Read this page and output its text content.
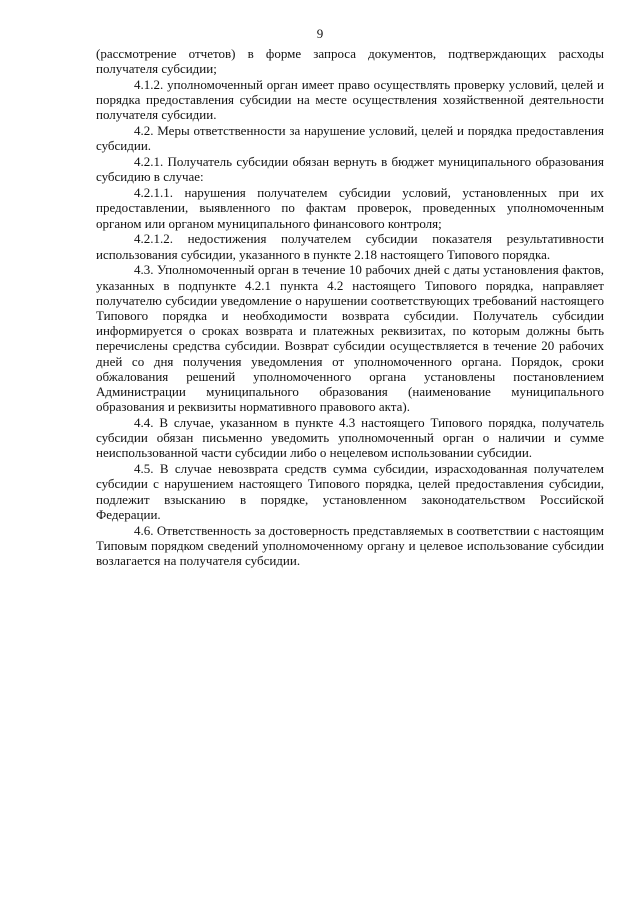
9

(рассмотрение отчетов) в форме запроса документов, подтверждающих расходы получателя субсидии;

4.1.2. уполномоченный орган имеет право осуществлять проверку условий, целей и порядка предоставления субсидии на месте осуществления хозяйственной деятельности получателя субсидии.

4.2. Меры ответственности за нарушение условий, целей и порядка предоставления субсидии.

4.2.1. Получатель субсидии обязан вернуть в бюджет муниципального образования субсидию в случае:

4.2.1.1. нарушения получателем субсидии условий, установленных при их предоставлении, выявленного по фактам проверок, проведенных уполномоченным органом или органом муниципального финансового контроля;

4.2.1.2. недостижения получателем субсидии показателя результативности использования субсидии, указанного в пункте 2.18 настоящего Типового порядка.

4.3. Уполномоченный орган в течение 10 рабочих дней с даты установления фактов, указанных в подпункте 4.2.1 пункта 4.2 настоящего Типового порядка, направляет получателю субсидии уведомление о нарушении соответствующих требований настоящего Типового порядка и необходимости возврата субсидии. Получатель субсидии информируется о сроках возврата и платежных реквизитах, по которым должны быть перечислены средства субсидии. Возврат субсидии осуществляется в течение 20 рабочих дней со дня получения уведомления от уполномоченного органа. Порядок, сроки обжалования решений уполномоченного органа установлены постановлением Администрации муниципального образования (наименование муниципального образования и реквизиты нормативного правового акта).

4.4. В случае, указанном в пункте 4.3 настоящего Типового порядка, получатель субсидии обязан письменно уведомить уполномоченный орган о наличии и сумме неиспользованной части субсидии либо о нецелевом использовании субсидии.

4.5. В случае невозврата средств сумма субсидии, израсходованная получателем субсидии с нарушением настоящего Типового порядка, целей предоставления субсидии, подлежит взысканию в порядке, установленном законодательством Российской Федерации.

4.6. Ответственность за достоверность представляемых в соответствии с настоящим Типовым порядком сведений уполномоченному органу и целевое использование субсидии возлагается на получателя субсидии.
